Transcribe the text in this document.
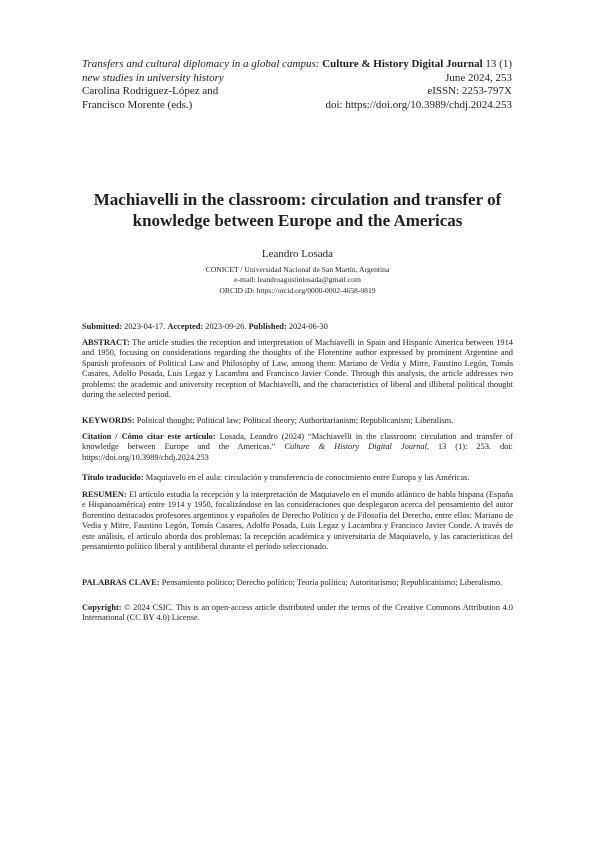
Transfers and cultural diplomacy in a global campus: new studies in university history
Carolina Rodríguez-López and
Francisco Morente (eds.)
Culture & History Digital Journal 13 (1)
June 2024, 253
eISSN: 2253-797X
doi: https://doi.org/10.3989/chdj.2024.253
Machiavelli in the classroom: circulation and transfer of knowledge between Europe and the Americas
Leandro Losada
CONICET / Universidad Nacional de San Martín, Argentina
e-mail: leandroagustinlosada@gmail.com
ORCID iD: https://orcid.org/0000-0002-4658-0819

Submitted: 2023-04-17. Accepted: 2023-09-26. Published: 2024-06-30

ABSTRACT: The article studies the reception and interpretation of Machiavelli in Spain and Hispanic America between 1914 and 1950, focusing on considerations regarding the thoughts of the Florentine author expressed by prominent Argentine and Spanish professors of Political Law and Philosophy of Law, among them: Mariano de Vedia y Mitre, Faustino Legón, Tomás Casares, Adolfo Posada, Luis Legaz y Lacambra and Francisco Javier Conde. Through this analysis, the article addresses two problems: the academic and university reception of Machiavelli, and the characteristics of liberal and illiberal political thought during the selected period.

KEYWORDS: Political thought; Political law; Political theory; Authoritarianism; Republicanism; Liberalism.

Citation / Cómo citar este artículo: Losada, Leandro (2024) “Machiavelli in the classroom: circulation and transfer of knowledge between Europe and the Americas.” Culture & History Digital Journal, 13 (1): 253. doi: https://doi.org/10.3989/chdj.2024.253

Título traducido: Maquiavelo en el aula: circulación y transferencia de conocimiento entre Europa y las Américas.

RESUMEN: El artículo estudia la recepción y la interpretación de Maquiavelo en el mundo atlántico de habla hispana (España e Hispanoamérica) entre 1914 y 1950, focalizándose en las consideraciones que desplegaron acerca del pensamiento del autor florentino destacados profesores argentinos y españoles de Derecho Político y de Filosofía del Derecho, entre ellos: Mariano de Vedia y Mitre, Faustino Legón, Tomás Casares, Adolfo Posada, Luis Legaz y Lacambra y Francisco Javier Conde. A través de este análisis, el artículo aborda dos problemas: la recepción académica y universitaria de Maquiavelo, y las características del pensamiento político liberal y antiliberal durante el período seleccionado.

PALABRAS CLAVE: Pensamiento político; Derecho político; Teoría política; Autoritarismo; Republicanismo; Liberalismo.

Copyright: © 2024 CSIC. This is an open-access article distributed under the terms of the Creative Commons Attribution 4.0 International (CC BY 4.0) License.
